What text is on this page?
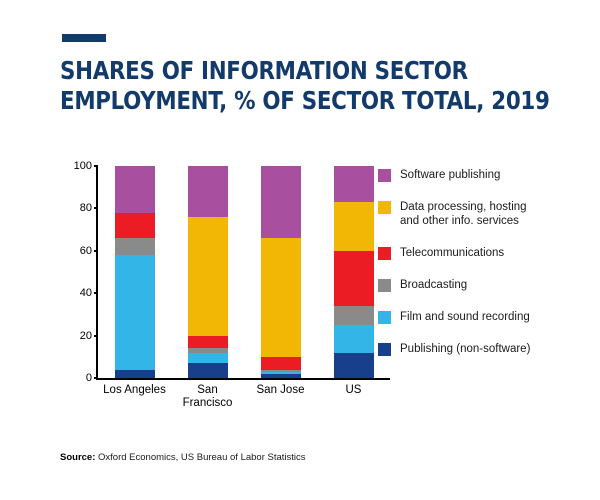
SHARES OF INFORMATION SECTOR
EMPLOYMENT, % OF SECTOR TOTAL, 2019
0
20
40
60
80
100
Los Angeles	San
Francisco
San Jose	US
Software publishing
Data processing, hosting
and other info. services
Telecommunications
Broadcasting
Film and sound recording
Publishing (non-software)
Source: Oxford Economics, US Bureau of Labor Statistics
